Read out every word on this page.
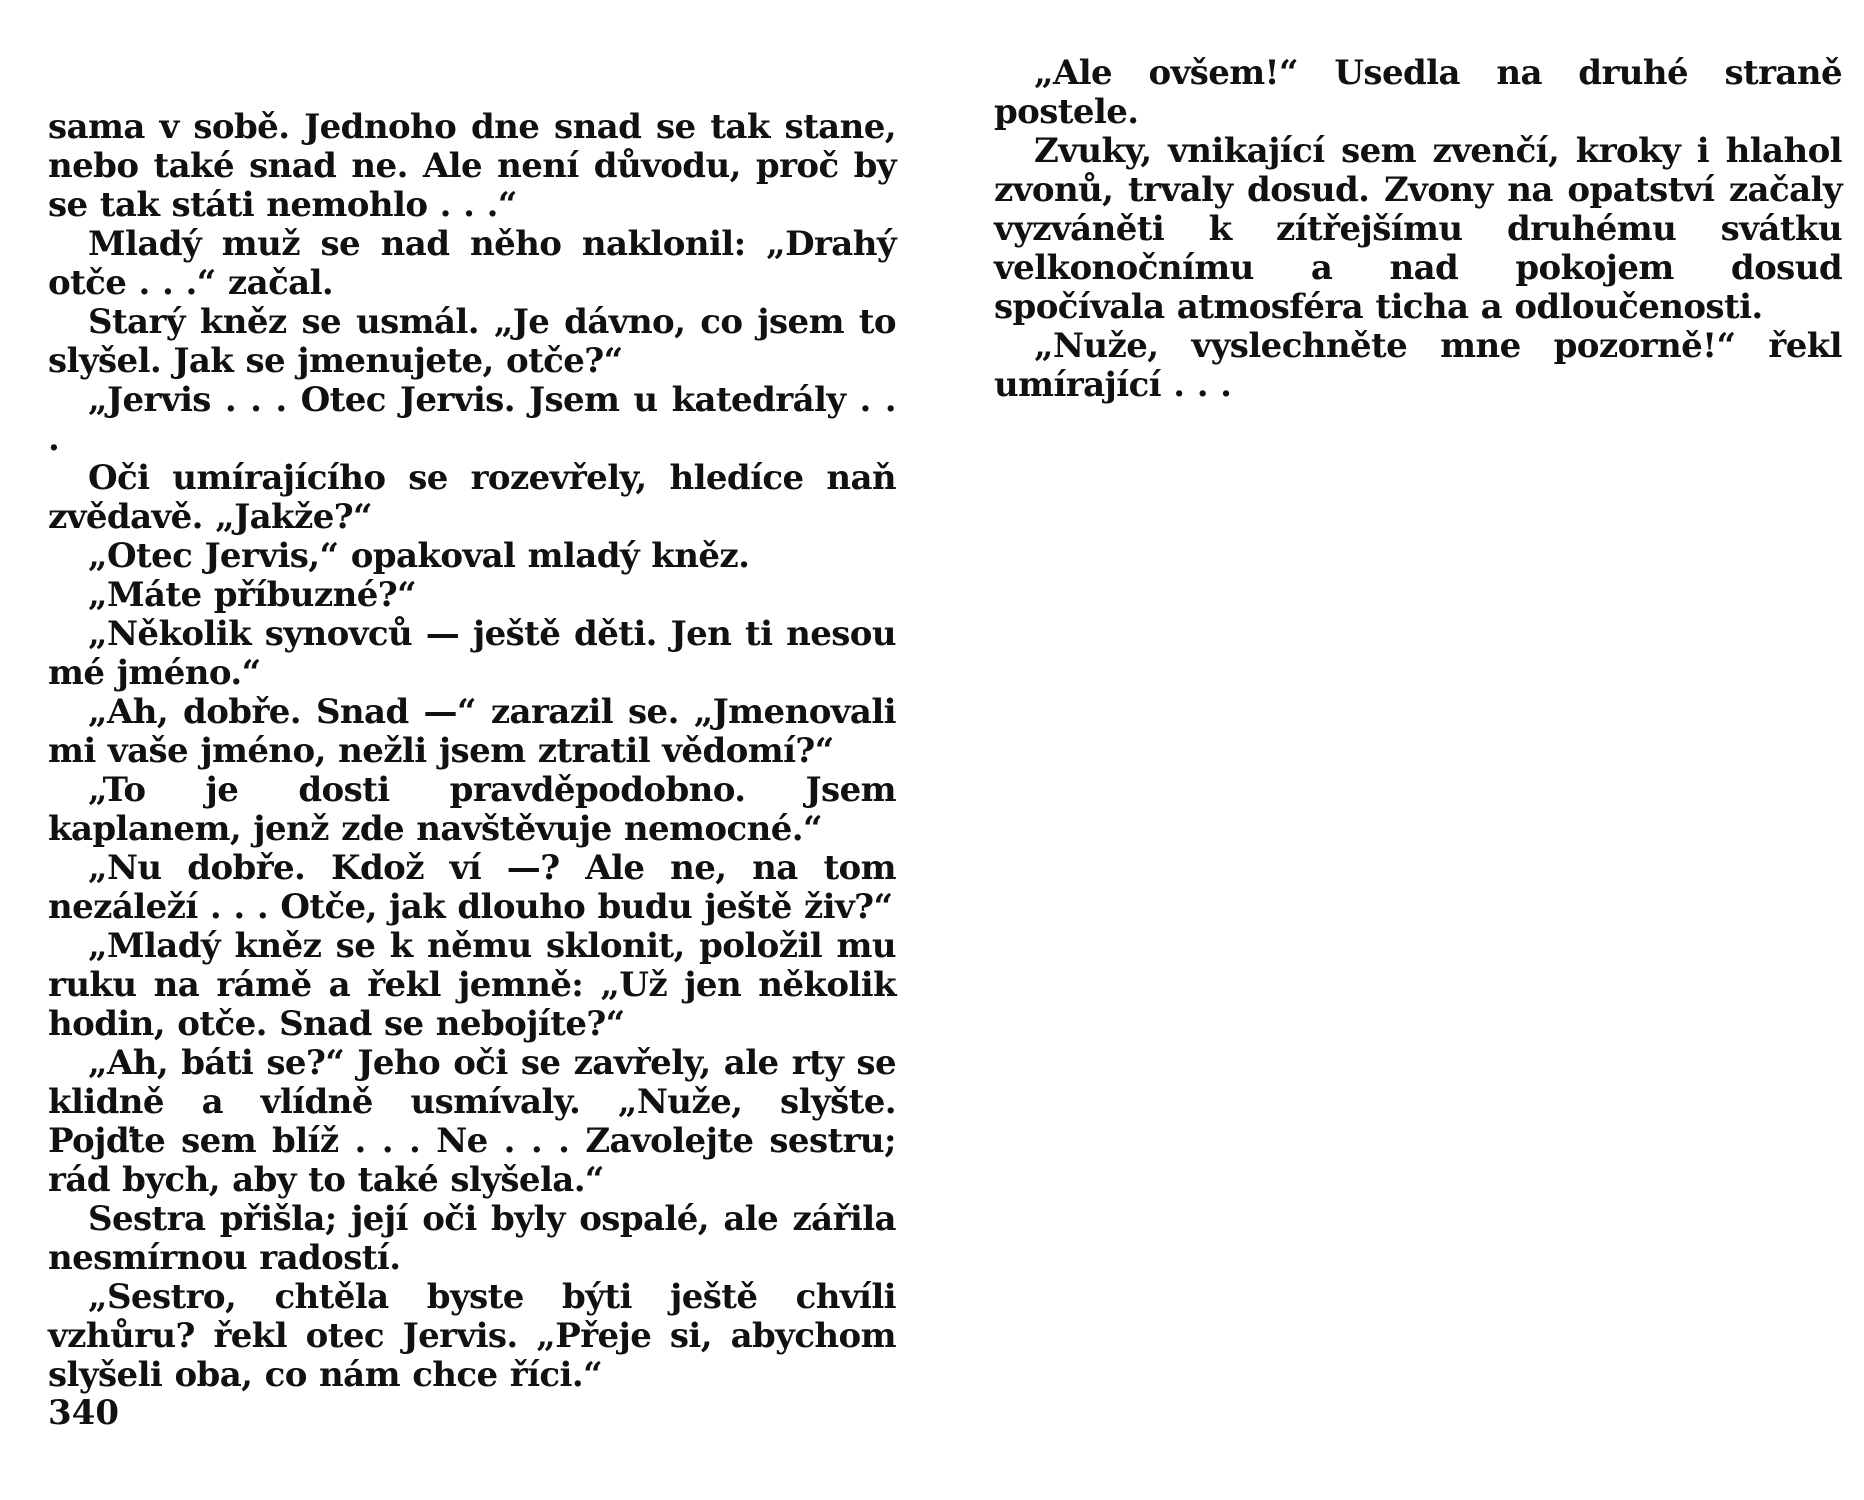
sama v sobě. Jednoho dne snad se tak stane, nebo také snad ne. Ale není důvodu, proč by se tak státi nemohlo . . .“

Mladý muž se nad něho naklonil: „Drahý otče . . .“ začal.

Starý kněz se usmál. „Je dávno, co jsem to slyšel. Jak se jmenujete, otče?“

„Jervis . . . Otec Jervis. Jsem u katedrály . . .

Oči umírajícího se rozevřely, hledíce naň zvědavě. „Jakže?“

„Otec Jervis,“ opakoval mladý kněz.

„Máte příbuzné?“

„Několik synovců — ještě děti. Jen ti nesou mé jméno.“

„Ah, dobře. Snad —“ zarazil se. „Jmenovali mi vaše jméno, nežli jsem ztratil vědomí?“

„To je dosti pravděpodobno. Jsem kaplanem, jenž zde navštěvuje nemocné.“

„Nu dobře. Kdož ví —? Ale ne, na tom nezáleží . . . Otče, jak dlouho budu ještě živ?“

„Mladý kněz se k němu sklonit, položil mu ruku na rámě a řekl jemně: „Už jen několik hodin, otče. Snad se nebojíte?“

„Ah, báti se?“ Jeho oči se zavřely, ale rty se klidně a vlídně usmívaly. „Nuže, slyšte. Pojďte sem blíž . . . Ne . . . Zavolejte sestru; rád bych, aby to také slyšela.“

Sestra přišla; její oči byly ospalé, ale zářila nesmírnou radostí.

„Sestro, chtěla byste býti ještě chvíli vzhůru? řekl otec Jervis. „Přeje si, abychom slyšeli oba, co nám chce říci.“

340

„Ale ovšem!“ Usedla na druhé straně postele.

Zvuky, vnikající sem zvenčí, kroky i hlahol zvonů, trvaly dosud. Zvony na opatství začaly vyzváněti k zítřejšímu druhému svátku velkonočnímu a nad pokojem dosud spočívala atmosféra ticha a odloučenosti.

„Nuže, vyslechněte mne pozorně!“ řekl umírající . . .
